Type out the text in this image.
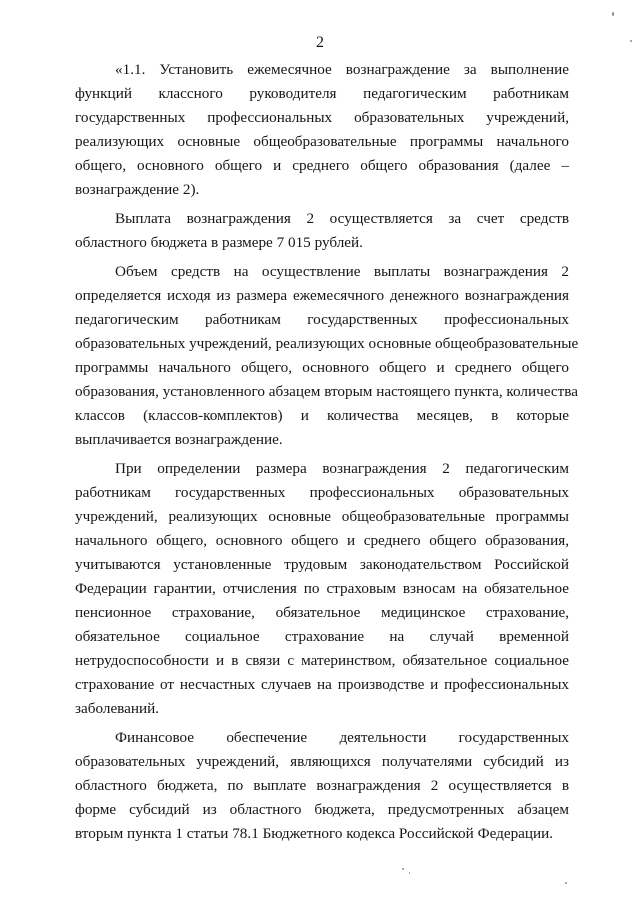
2
«1.1. Установить ежемесячное вознаграждение за выполнение
функций классного руководителя педагогическим работникам
государственных профессиональных образовательных учреждений,
реализующих основные общеобразовательные программы начального
общего, основного общего и среднего общего образования (далее –
вознаграждение 2).
Выплата вознаграждения 2 осуществляется за счет средств
областного бюджета в размере 7 015 рублей.
Объем средств на осуществление выплаты вознаграждения 2
определяется исходя из размера ежемесячного денежного вознаграждения
педагогическим работникам государственных профессиональных
образовательных учреждений, реализующих основные общеобразовательные
программы начального общего, основного общего и среднего общего
образования, установленного абзацем вторым настоящего пункта, количества
классов (классов-комплектов) и количества месяцев, в которые
выплачивается вознаграждение.
При определении размера вознаграждения 2 педагогическим
работникам государственных профессиональных образовательных
учреждений, реализующих основные общеобразовательные программы
начального общего, основного общего и среднего общего образования,
учитываются установленные трудовым законодательством Российской
Федерации гарантии, отчисления по страховым взносам на обязательное
пенсионное страхование, обязательное медицинское страхование,
обязательное социальное страхование на случай временной
нетрудоспособности и в связи с материнством, обязательное социальное
страхование от несчастных случаев на производстве и профессиональных
заболеваний.
Финансовое обеспечение деятельности государственных
образовательных учреждений, являющихся получателями субсидий из
областного бюджета, по выплате вознаграждения 2 осуществляется в
форме субсидий из областного бюджета, предусмотренных абзацем
вторым пункта 1 статьи 78.1 Бюджетного кодекса Российской Федерации.
